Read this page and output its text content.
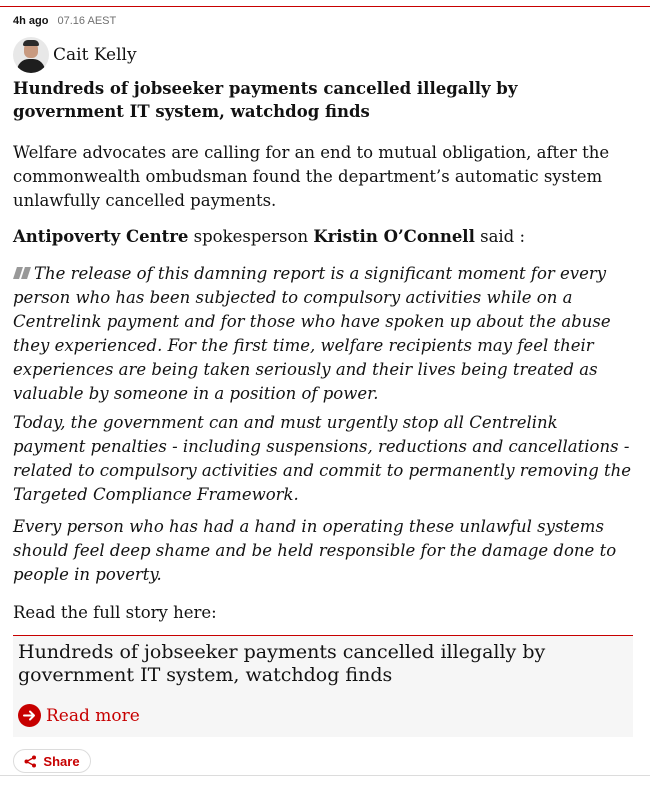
4h ago 07.16 AEST
Cait Kelly
Hundreds of jobseeker payments cancelled illegally by government IT system, watchdog finds

Welfare advocates are calling for an end to mutual obligation, after the commonwealth ombudsman found the department’s automatic system unlawfully cancelled payments.

Antipoverty Centre spokesperson Kristin O’Connell said :

The release of this damning report is a significant moment for every person who has been subjected to compulsory activities while on a Centrelink payment and for those who have spoken up about the abuse they experienced. For the first time, welfare recipients may feel their experiences are being taken seriously and their lives being treated as valuable by someone in a position of power.

Today, the government can and must urgently stop all Centrelink payment penalties - including suspensions, reductions and cancellations - related to compulsory activities and commit to permanently removing the Targeted Compliance Framework.

Every person who has had a hand in operating these unlawful systems should feel deep shame and be held responsible for the damage done to people in poverty.

Read the full story here:

Hundreds of jobseeker payments cancelled illegally by government IT system, watchdog finds

Read more
Share
